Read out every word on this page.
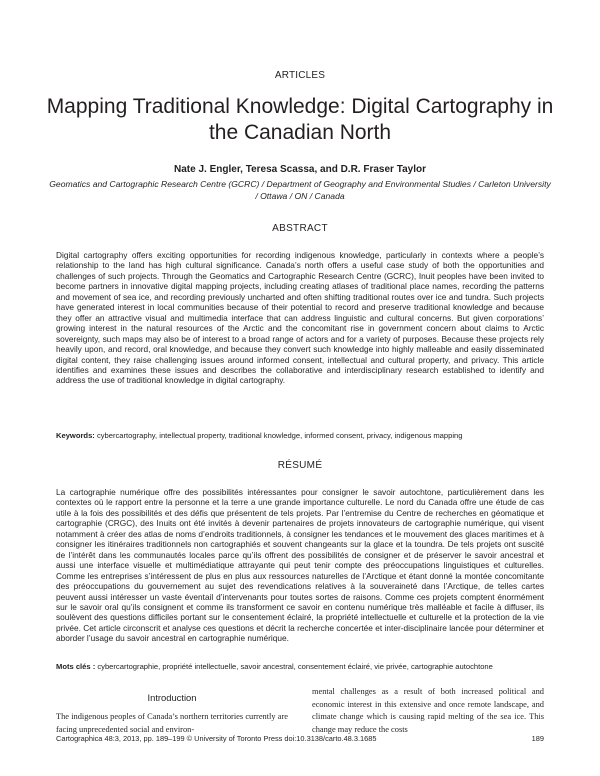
ARTICLES
Mapping Traditional Knowledge: Digital Cartography in the Canadian North
Nate J. Engler, Teresa Scassa, and D.R. Fraser Taylor
Geomatics and Cartographic Research Centre (GCRC) / Department of Geography and Environmental Studies / Carleton University / Ottawa / ON / Canada
ABSTRACT

Digital cartography offers exciting opportunities for recording indigenous knowledge, particularly in contexts where a people’s relationship to the land has high cultural significance. Canada’s north offers a useful case study of both the opportunities and challenges of such projects. Through the Geomatics and Cartographic Research Centre (GCRC), Inuit peoples have been invited to become partners in innovative digital mapping projects, including creating atlases of traditional place names, recording the patterns and movement of sea ice, and recording previously uncharted and often shifting traditional routes over ice and tundra. Such projects have generated interest in local communities because of their potential to record and preserve traditional knowledge and because they offer an attractive visual and multimedia interface that can address linguistic and cultural concerns. But given corporations’ growing interest in the natural resources of the Arctic and the concomitant rise in government concern about claims to Arctic sovereignty, such maps may also be of interest to a broad range of actors and for a variety of purposes. Because these projects rely heavily upon, and record, oral knowledge, and because they convert such knowledge into highly malleable and easily disseminated digital content, they raise challenging issues around informed consent, intellectual and cultural property, and privacy. This article identifies and examines these issues and describes the collaborative and interdisciplinary research established to identify and address the use of traditional knowledge in digital cartography.

Keywords: cybercartography, intellectual property, traditional knowledge, informed consent, privacy, indigenous mapping
RÉSUMÉ

La cartographie numérique offre des possibilités intéressantes pour consigner le savoir autochtone, particulièrement dans les contextes où le rapport entre la personne et la terre a une grande importance culturelle. Le nord du Canada offre une étude de cas utile à la fois des possibilités et des défis que présentent de tels projets. Par l’entremise du Centre de recherches en géomatique et cartographie (CRGC), des Inuits ont été invités à devenir partenaires de projets innovateurs de cartographie numérique, qui visent notamment à créer des atlas de noms d’endroits traditionnels, à consigner les tendances et le mouvement des glaces maritimes et à consigner les itinéraires traditionnels non cartographiés et souvent changeants sur la glace et la toundra. De tels projets ont suscité de l’intérêt dans les communautés locales parce qu’ils offrent des possibilités de consigner et de préserver le savoir ancestral et aussi une interface visuelle et multimédiatique attrayante qui peut tenir compte des préoccupations linguistiques et culturelles. Comme les entreprises s’intéressent de plus en plus aux ressources naturelles de l’Arctique et étant donné la montée concomitante des préoccupations du gouvernement au sujet des revendications relatives à la souveraineté dans l’Arctique, de telles cartes peuvent aussi intéresser un vaste éventail d’intervenants pour toutes sortes de raisons. Comme ces projets comptent énormément sur le savoir oral qu’ils consignent et comme ils transforment ce savoir en contenu numérique très malléable et facile à diffuser, ils soulèvent des questions difficiles portant sur le consentement éclairé, la propriété intellectuelle et culturelle et la protection de la vie privée. Cet article circonscrit et analyse ces questions et décrit la recherche concertée et inter-disciplinaire lancée pour déterminer et aborder l’usage du savoir ancestral en cartographie numérique.

Mots clés : cybercartographie, propriété intellectuelle, savoir ancestral, consentement éclairé, vie privée, cartographie autochtone
Introduction

The indigenous peoples of Canada’s northern territories currently are facing unprecedented social and environ-

mental challenges as a result of both increased political and economic interest in this extensive and once remote landscape, and climate change which is causing rapid melting of the sea ice. This change may reduce the costs

Cartographica 48:3, 2013, pp. 189–199 © University of Toronto Press doi:10.3138/carto.48.3.1685	189
